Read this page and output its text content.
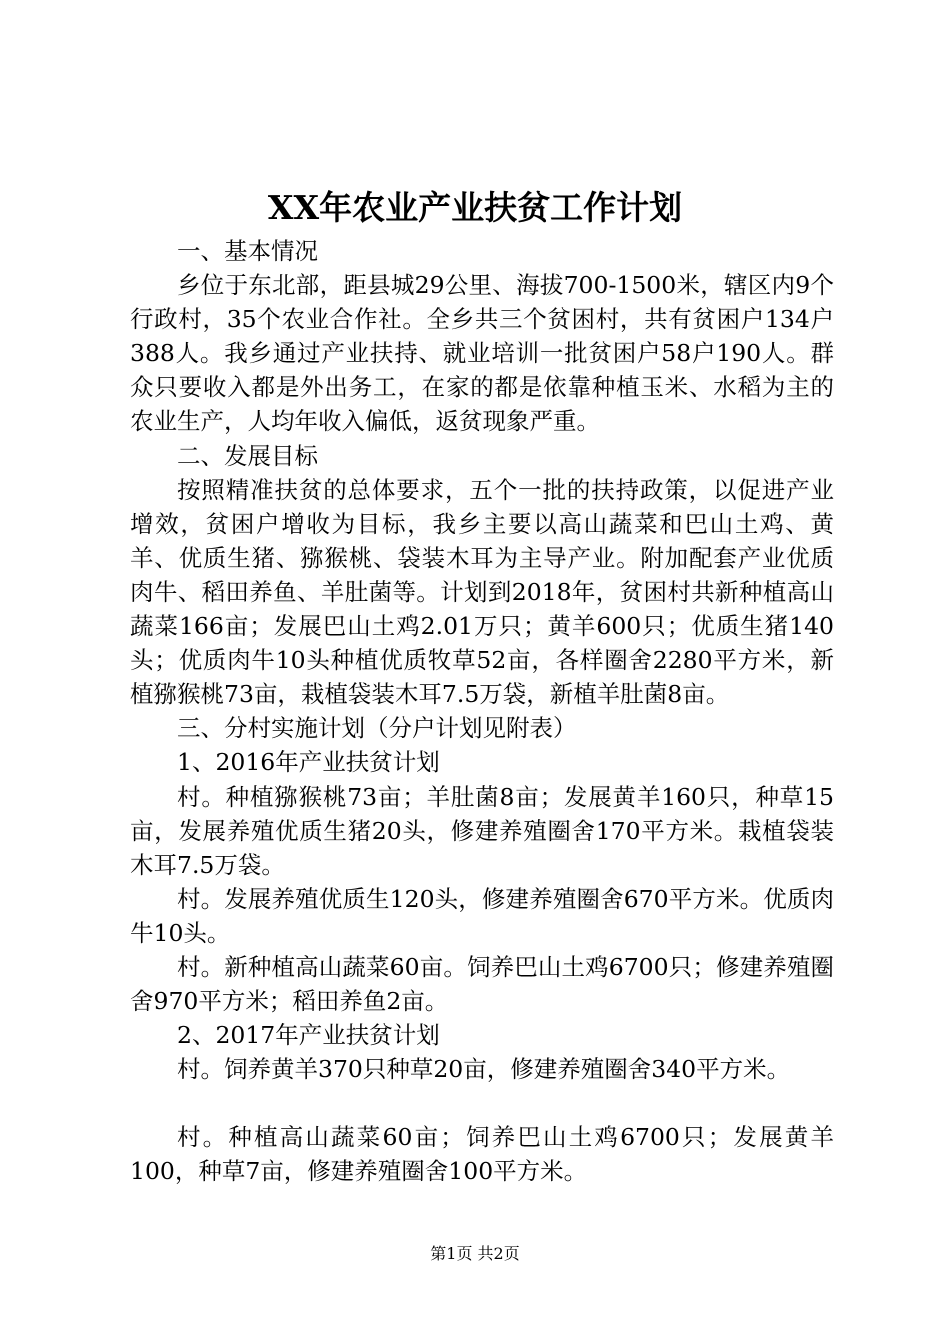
XX年农业产业扶贫工作计划

一、基本情况

乡位于东北部，距县城29公里、海拔700-1500米，辖区内9个行政村，35个农业合作社。全乡共三个贫困村，共有贫困户134户388人。我乡通过产业扶持、就业培训一批贫困户58户190人。群众只要收入都是外出务工，在家的都是依靠种植玉米、水稻为主的农业生产，人均年收入偏低，返贫现象严重。

二、发展目标

按照精准扶贫的总体要求，五个一批的扶持政策，以促进产业增效，贫困户增收为目标，我乡主要以高山蔬菜和巴山土鸡、黄羊、优质生猪、猕猴桃、袋装木耳为主导产业。附加配套产业优质肉牛、稻田养鱼、羊肚菌等。计划到2018年，贫困村共新种植高山蔬菜166亩；发展巴山土鸡2.01万只；黄羊600只；优质生猪140头；优质肉牛10头种植优质牧草52亩，各样圈舍2280平方米，新植猕猴桃73亩，栽植袋装木耳7.5万袋，新植羊肚菌8亩。

三、分村实施计划（分户计划见附表）

1、2016年产业扶贫计划

村。种植猕猴桃73亩；羊肚菌8亩；发展黄羊160只，种草15亩，发展养殖优质生猪20头，修建养殖圈舍170平方米。栽植袋装木耳7.5万袋。

村。发展养殖优质生120头，修建养殖圈舍670平方米。优质肉牛10头。

村。新种植高山蔬菜60亩。饲养巴山土鸡6700只；修建养殖圈舍970平方米；稻田养鱼2亩。

2、2017年产业扶贫计划

村。饲养黄羊370只种草20亩，修建养殖圈舍340平方米。

村。种植高山蔬菜60亩；饲养巴山土鸡6700只；发展黄羊100，种草7亩，修建养殖圈舍100平方米。

第1页 共2页
